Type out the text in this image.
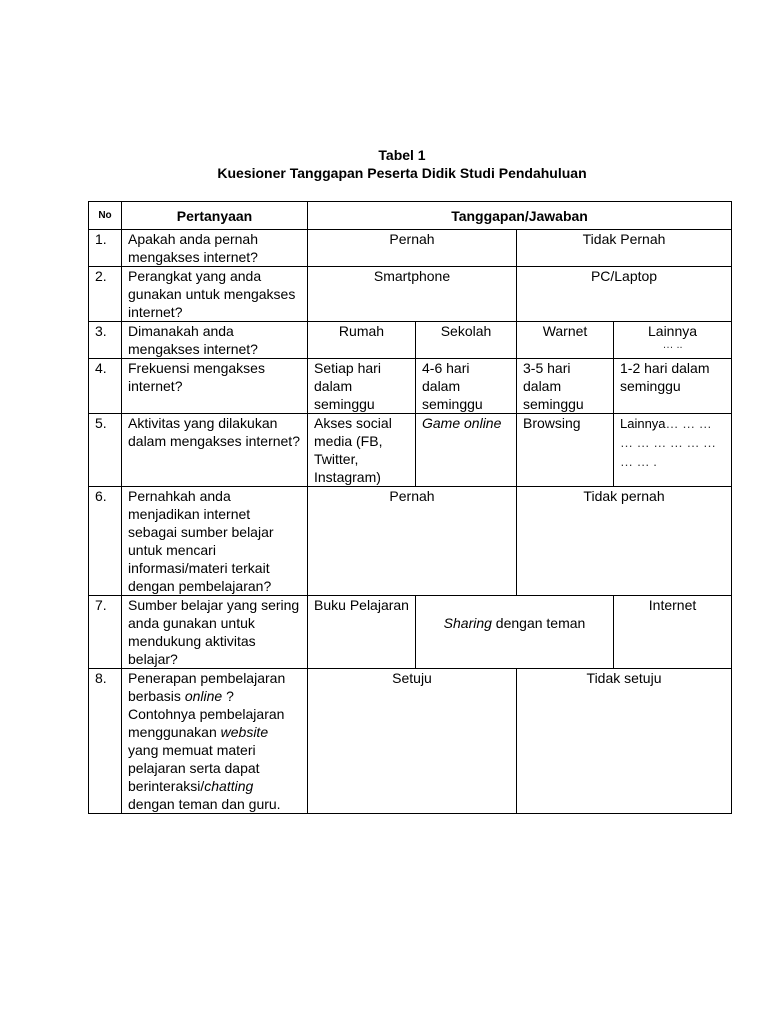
Tabel 1
Kuesioner Tanggapan Peserta Didik Studi Pendahuluan
No	Pertanyaan	Tanggapan/Jawaban			
1.	Apakah anda pernah mengakses internet?	Pernah		Tidak Pernah	
2.	Perangkat yang anda gunakan untuk mengakses internet?	Smartphone		PC/Laptop	
3.	Dimanakah anda mengakses internet?	Rumah	Sekolah	Warnet	Lainnya
… ..

4.	Frekuensi mengakses internet?	Setiap hari dalam seminggu	4-6 hari dalam seminggu	3-5 hari dalam seminggu	1-2 hari dalam seminggu
5.	Aktivitas yang dilakukan dalam mengakses internet?	Akses social media (FB, Twitter, Instagram)	Game online	Browsing	Lainnya… … … … … … … … … … … .
6.	Pernahkah anda menjadikan internet sebagai sumber belajar untuk mencari informasi/materi terkait dengan pembelajaran?	Pernah		Tidak pernah	
7.	Sumber belajar yang sering anda gunakan untuk mendukung aktivitas belajar?	Buku Pelajaran	Sharing dengan teman		Internet
8.	Penerapan pembelajaran berbasis online ? Contohnya pembelajaran menggunakan website yang memuat materi pelajaran serta dapat berinteraksi/chatting dengan teman dan guru.	Setuju		Tidak setuju	
